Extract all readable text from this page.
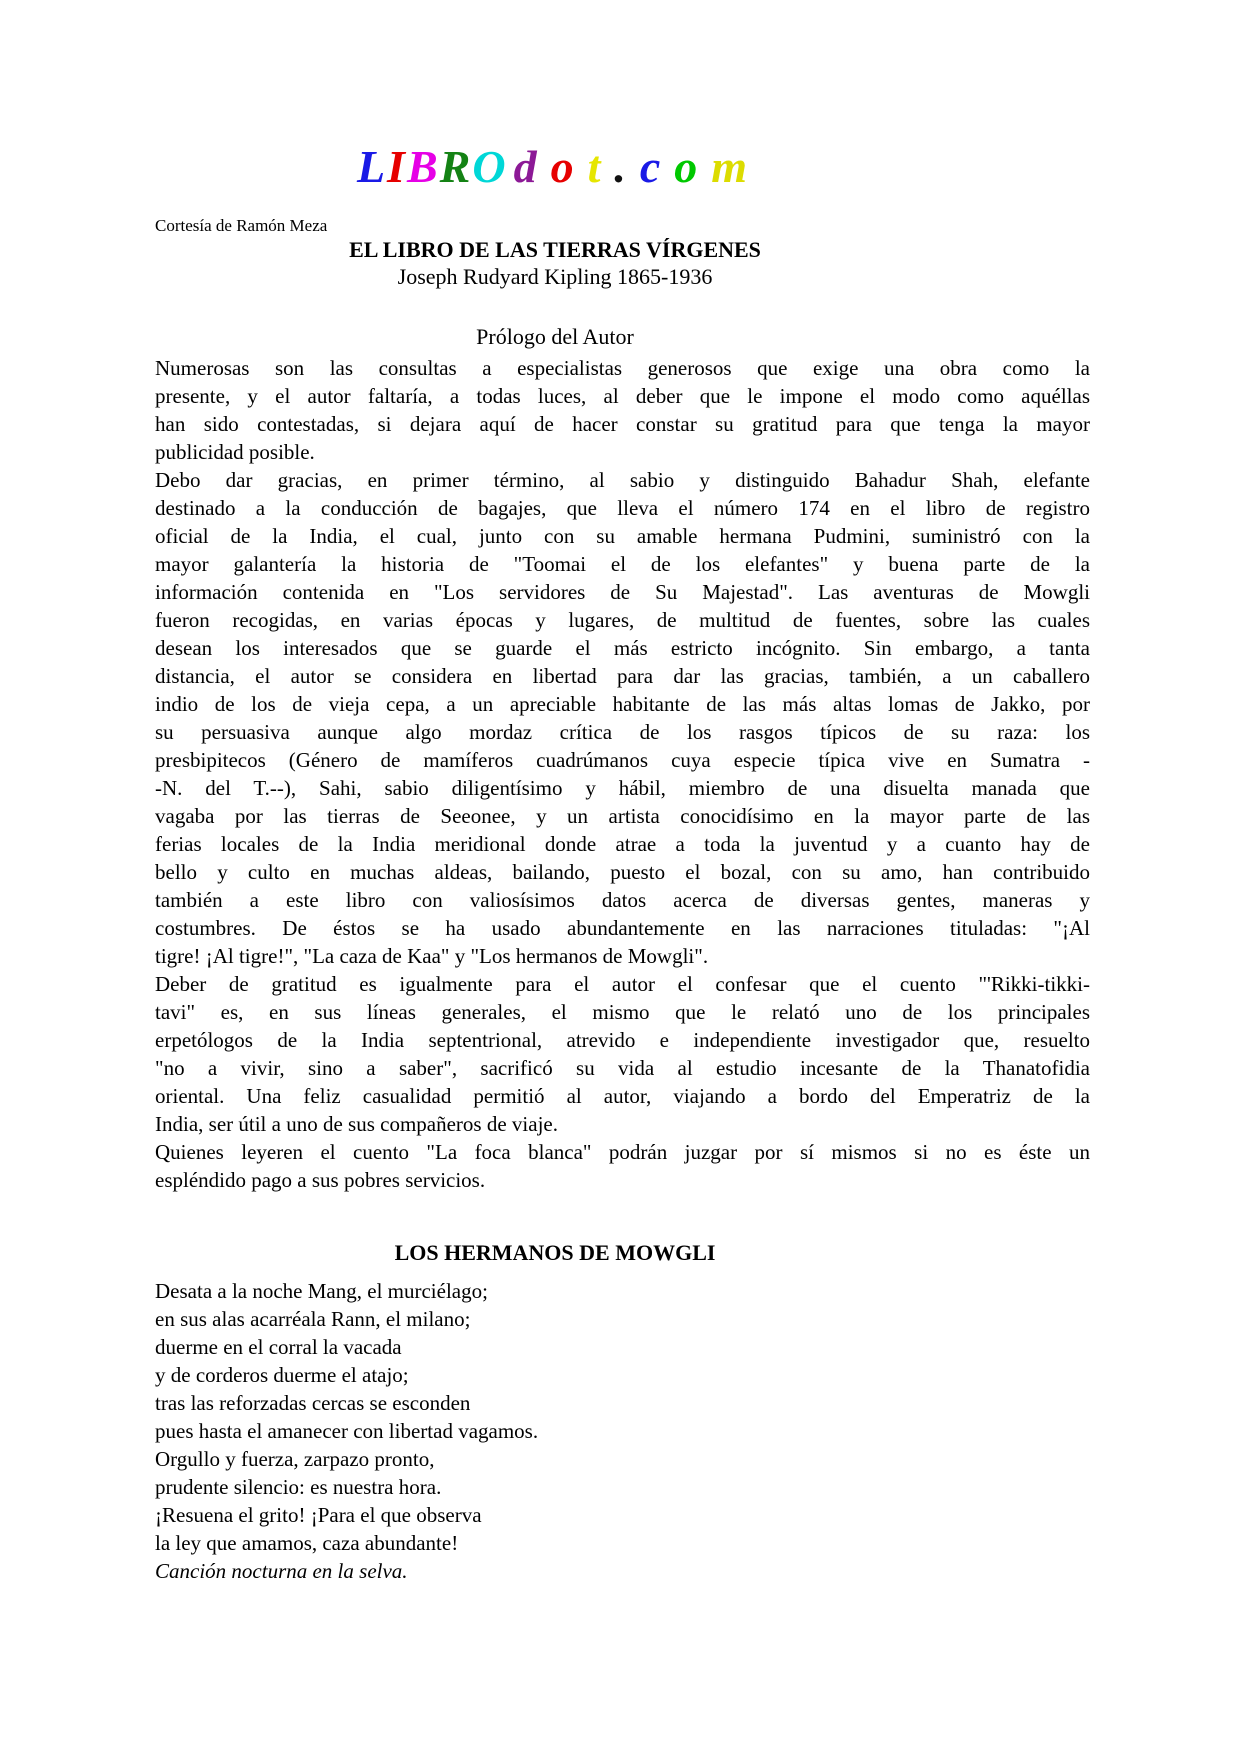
LIBRO d o t . c o m
Cortesía de Ramón Meza
EL LIBRO DE LAS TIERRAS VÍRGENES
Joseph Rudyard Kipling 1865-1936
Prólogo del Autor
Numerosas son las consultas a especialistas generosos que exige una obra como la
presente, y el autor faltaría, a todas luces, al deber que le impone el modo como aquéllas
han sido contestadas, si dejara aquí de hacer constar su gratitud para que tenga la mayor
publicidad posible.
Debo dar gracias, en primer término, al sabio y distinguido Bahadur Shah, elefante
destinado a la conducción de bagajes, que lleva el número 174 en el libro de registro
oficial de la India, el cual, junto con su amable hermana Pudmini, suministró con la
mayor galantería la historia de "Toomai el de los elefantes" y buena parte de la
información contenida en "Los servidores de Su Majestad". Las aventuras de Mowgli
fueron recogidas, en varias épocas y lugares, de multitud de fuentes, sobre las cuales
desean los interesados que se guarde el más estricto incógnito. Sin embargo, a tanta
distancia, el autor se considera en libertad para dar las gracias, también, a un caballero
indio de los de vieja cepa, a un apreciable habitante de las más altas lomas de Jakko, por
su persuasiva aunque algo mordaz crítica de los rasgos típicos de su raza: los
presbipitecos (Género de mamíferos cuadrúmanos cuya especie típica vive en Sumatra -
-N. del T.--), Sahi, sabio diligentísimo y hábil, miembro de una disuelta manada que
vagaba por las tierras de Seeonee, y un artista conocidísimo en la mayor parte de las
ferias locales de la India meridional donde atrae a toda la juventud y a cuanto hay de
bello y culto en muchas aldeas, bailando, puesto el bozal, con su amo, han contribuido
también a este libro con valiosísimos datos acerca de diversas gentes, maneras y
costumbres. De éstos se ha usado abundantemente en las narraciones tituladas: "¡Al
tigre! ¡Al tigre!", "La caza de Kaa" y "Los hermanos de Mowgli".
Deber de gratitud es igualmente para el autor el confesar que el cuento "'Rikki-tikki-
tavi" es, en sus líneas generales, el mismo que le relató uno de los principales
erpetólogos de la India septentrional, atrevido e independiente investigador que, resuelto
"no a vivir, sino a saber", sacrificó su vida al estudio incesante de la Thanatofidia
oriental. Una feliz casualidad permitió al autor, viajando a bordo del Emperatriz de la
India, ser útil a uno de sus compañeros de viaje.
Quienes leyeren el cuento "La foca blanca" podrán juzgar por sí mismos si no es éste un
espléndido pago a sus pobres servicios.
LOS HERMANOS DE MOWGLI
Desata a la noche Mang, el murciélago;
en sus alas acarréala Rann, el milano;
duerme en el corral la vacada
y de corderos duerme el atajo;
tras las reforzadas cercas se esconden
pues hasta el amanecer con libertad vagamos.
Orgullo y fuerza, zarpazo pronto,
prudente silencio: es nuestra hora.
¡Resuena el grito! ¡Para el que observa
la ley que amamos, caza abundante!
Canción nocturna en la selva.
